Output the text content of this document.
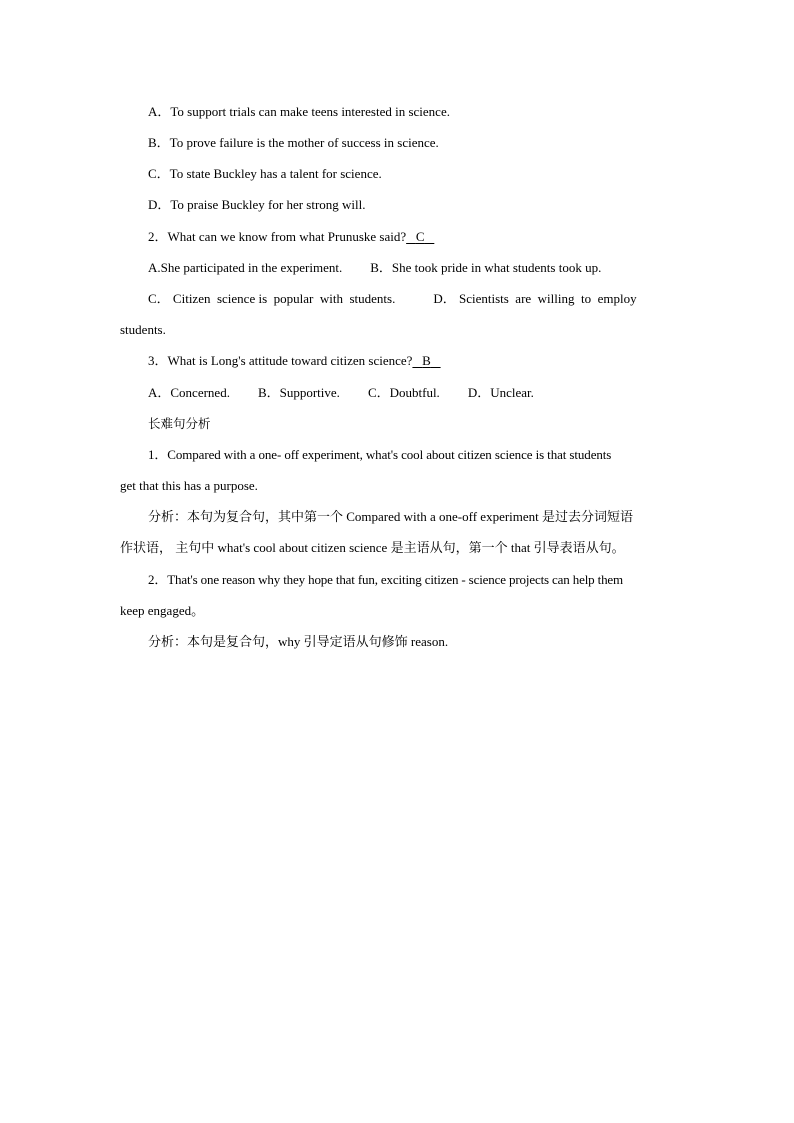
A．To support trials can make teens interested in science.
B．To prove failure is the mother of success in science.
C．To state Buckley has a talent for science.
D．To praise Buckley for her strong will.
2．What can we know from what Prunuske said? C
A.She participated in the experiment. B．She took pride in what students took up.
C． Citizen  science is  popular  with  students.	D． Scientists  are  willing  to  employ
students.
3．What is Long's attitude toward citizen science? B
A．Concerned. B．Supportive. C．Doubtful. D．Unclear.
长难句分析
1．Compared with a one- off experiment, what's cool about citizen science is that students
get that this has a purpose.
分析：本句为复合句，其中第一个 Compared with a one-off experiment 是过去分词短语
作状语， 主句中 what's cool about citizen science 是主语从句，第一个 that 引导表语从句。
2．That's one reason why they hope that fun, exciting citizen - science projects can help them
keep engaged。
分析：本句是复合句，why 引导定语从句修饰 reason.
